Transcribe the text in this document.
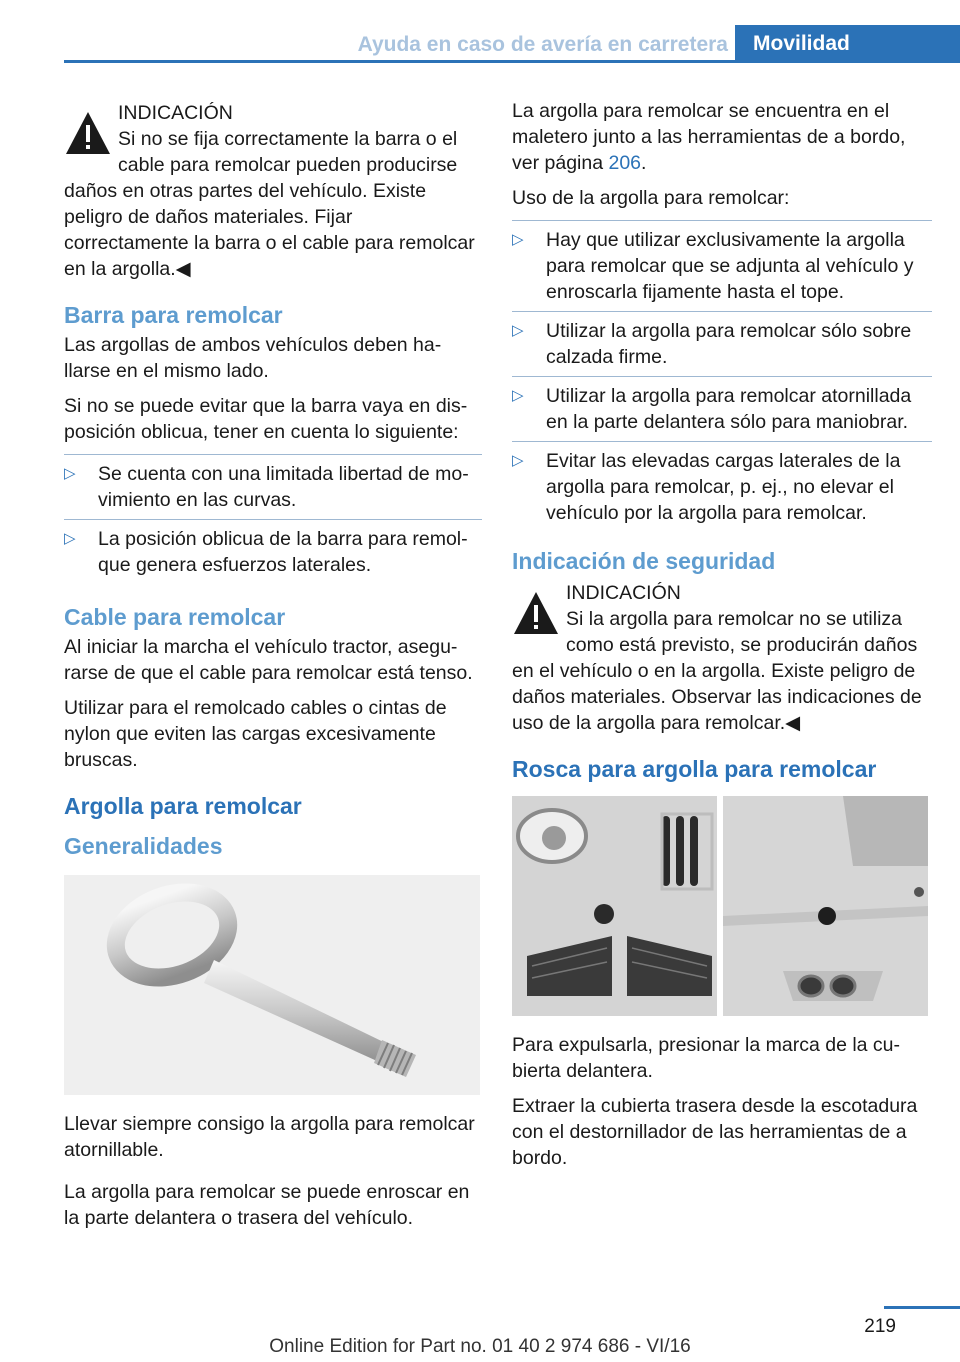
Ayuda en caso de avería en carretera	Movilidad
INDICACIÓN
Si no se fija correctamente la barra o el cable para remolcar pueden producirse daños en otras partes del vehículo. Existe peligro de daños materiales. Fijar correctamente la barra o el cable para remolcar en la argolla.◀
Barra para remolcar

Las argollas de ambos vehículos deben ha‐llarse en el mismo lado.

Si no se puede evitar que la barra vaya en dis‐posición oblicua, tener en cuenta lo siguiente:

▷ Se cuenta con una limitada libertad de mo‐vimiento en las curvas.
▷ La posición oblicua de la barra para remol‐que genera esfuerzos laterales.
Cable para remolcar

Al iniciar la marcha el vehículo tractor, asegu‐rarse de que el cable para remolcar está tenso.

Utilizar para el remolcado cables o cintas de nylon que eviten las cargas excesivamente bruscas.

Argolla para remolcar
Generalidades

Llevar siempre consigo la argolla para remolcar atornillable.

La argolla para remolcar se puede enroscar en la parte delantera o trasera del vehículo.

La argolla para remolcar se encuentra en el maletero junto a las herramientas de a bordo, ver página 206.

Uso de la argolla para remolcar:

▷ Hay que utilizar exclusivamente la argolla para remolcar que se adjunta al vehículo y enroscarla fijamente hasta el tope.
▷ Utilizar la argolla para remolcar sólo sobre calzada firme.
▷ Utilizar la argolla para remolcar atornillada en la parte delantera sólo para maniobrar.
▷ Evitar las elevadas cargas laterales de la argolla para remolcar, p. ej., no elevar el vehículo por la argolla para remolcar.
Indicación de seguridad
INDICACIÓN
Si la argolla para remolcar no se utiliza como está previsto, se producirán daños en el vehículo o en la argolla. Existe peligro de daños materiales. Observar las indicaciones de uso de la argolla para remolcar.◀
Rosca para argolla para remolcar

Para expulsarla, presionar la marca de la cu‐bierta delantera.

Extraer la cubierta trasera desde la escotadura con el destornillador de las herramientas de a bordo.

219
Online Edition for Part no. 01 40 2 974 686 - VI/16
